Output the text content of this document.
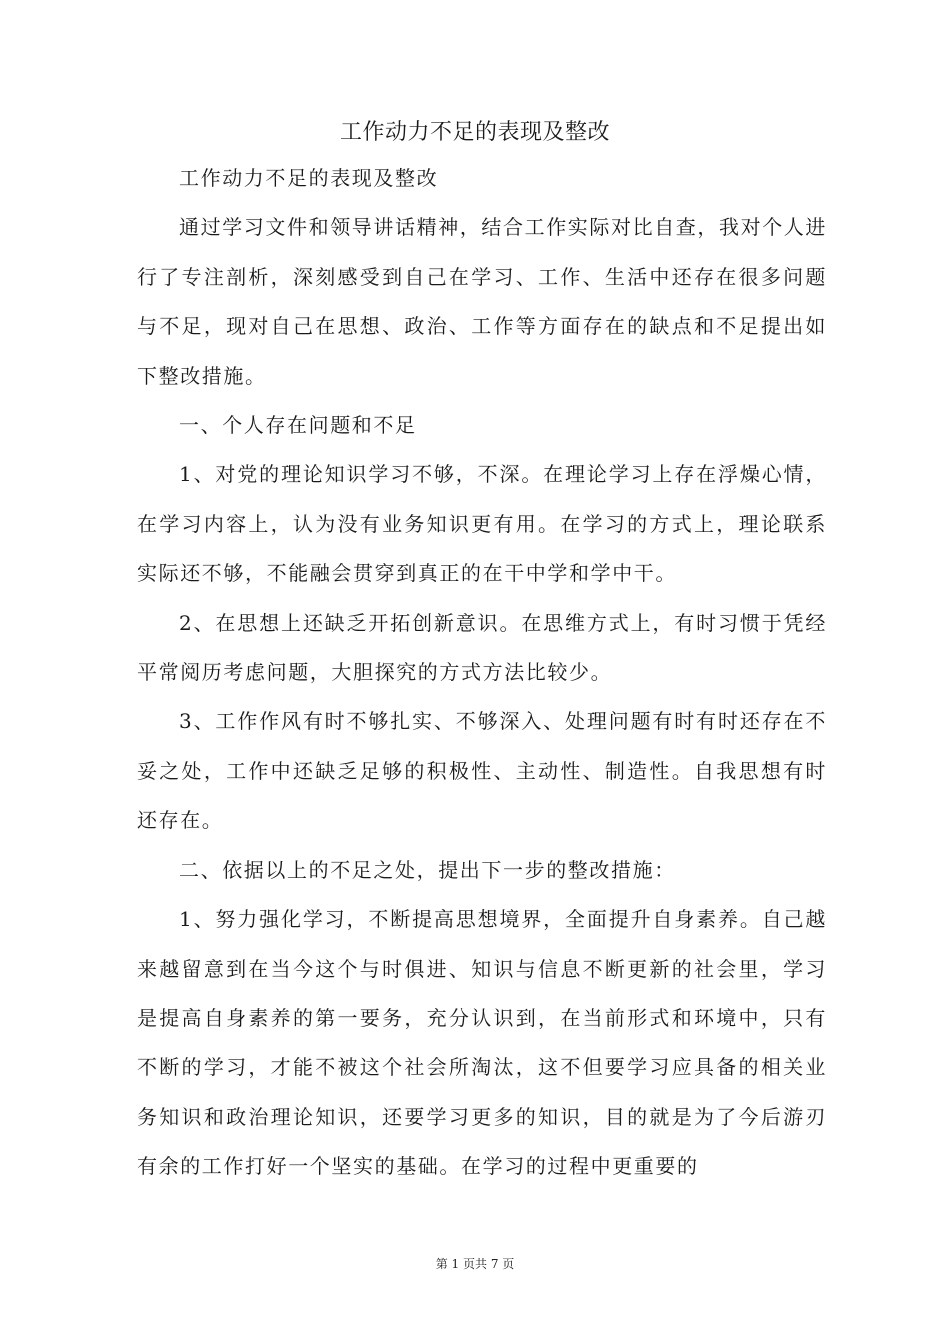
工作动力不足的表现及整改

工作动力不足的表现及整改

通过学习文件和领导讲话精神，结合工作实际对比自查，我对个人进行了专注剖析，深刻感受到自己在学习、工作、生活中还存在很多问题与不足，现对自己在思想、政治、工作等方面存在的缺点和不足提出如下整改措施。

一、个人存在问题和不足

1、对党的理论知识学习不够，不深。在理论学习上存在浮燥心情，在学习内容上，认为没有业务知识更有用。在学习的方式上，理论联系实际还不够，不能融会贯穿到真正的在干中学和学中干。

2、在思想上还缺乏开拓创新意识。在思维方式上，有时习惯于凭经平常阅历考虑问题，大胆探究的方式方法比较少。

3、工作作风有时不够扎实、不够深入、处理问题有时有时还存在不妥之处，工作中还缺乏足够的积极性、主动性、制造性。自我思想有时还存在。

二、依据以上的不足之处，提出下一步的整改措施：

1、努力强化学习，不断提高思想境界，全面提升自身素养。自己越来越留意到在当今这个与时俱进、知识与信息不断更新的社会里，学习是提高自身素养的第一要务，充分认识到，在当前形式和环境中，只有不断的学习，才能不被这个社会所淘汰，这不但要学习应具备的相关业务知识和政治理论知识，还要学习更多的知识，目的就是为了今后游刃有余的工作打好一个坚实的基础。在学习的过程中更重要的

第 1 页共 7 页
